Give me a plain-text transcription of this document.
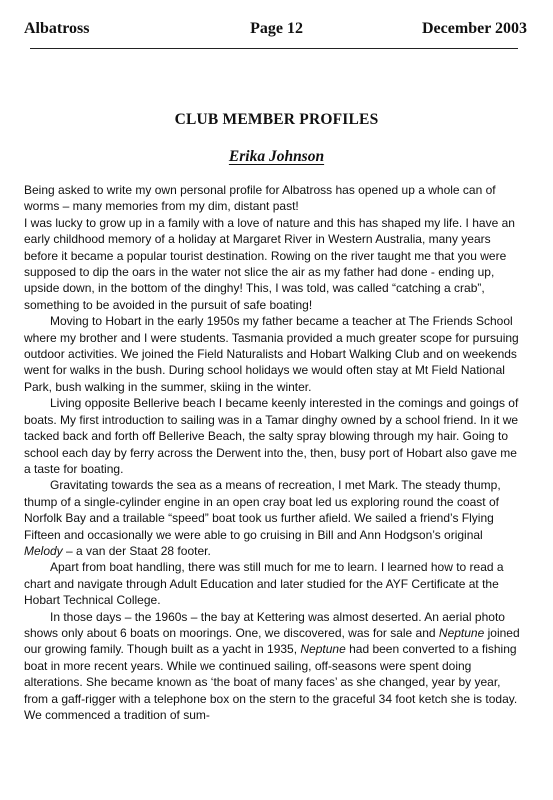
Albatross	Page 12	December 2003
CLUB MEMBER PROFILES
Erika Johnson

Being asked to write my own personal profile for Albatross has opened up a whole can of worms – many memories from my dim, distant past!

I was lucky to grow up in a family with a love of nature and this has shaped my life. I have an early childhood memory of a holiday at Margaret River in Western Australia, many years before it became a popular tourist destination. Rowing on the river taught me that you were supposed to dip the oars in the water not slice the air as my father had done - ending up, upside down, in the bottom of the dinghy! This, I was told, was called “catching a crab”, something to be avoided in the pursuit of safe boating!

Moving to Hobart in the early 1950s my father became a teacher at The Friends School where my brother and I were students. Tasmania provided a much greater scope for pursuing outdoor activities. We joined the Field Naturalists and Hobart Walking Club and on weekends went for walks in the bush. During school holidays we would often stay at Mt Field National Park, bush walking in the summer, skiing in the winter.

Living opposite Bellerive beach I became keenly interested in the comings and goings of boats. My first introduction to sailing was in a Tamar dinghy owned by a school friend. In it we tacked back and forth off Bellerive Beach, the salty spray blowing through my hair. Going to school each day by ferry across the Derwent into the, then, busy port of Hobart also gave me a taste for boating.

Gravitating towards the sea as a means of recreation, I met Mark. The steady thump, thump of a single-cylinder engine in an open cray boat led us exploring round the coast of Norfolk Bay and a trailable “speed” boat took us further afield. We sailed a friend’s Flying Fifteen and occasionally we were able to go cruising in Bill and Ann Hodgson’s original Melody – a van der Staat 28 footer.

Apart from boat handling, there was still much for me to learn. I learned how to read a chart and navigate through Adult Education and later studied for the AYF Certificate at the Hobart Technical College.

In those days – the 1960s – the bay at Kettering was almost deserted. An aerial photo shows only about 6 boats on moorings. One, we discovered, was for sale and Neptune joined our growing family. Though built as a yacht in 1935, Neptune had been converted to a fishing boat in more recent years. While we continued sailing, off-seasons were spent doing alterations. She became known as ‘the boat of many faces’ as she changed, year by year, from a gaff-rigger with a telephone box on the stern to the graceful 34 foot ketch she is today. We commenced a tradition of sum-
